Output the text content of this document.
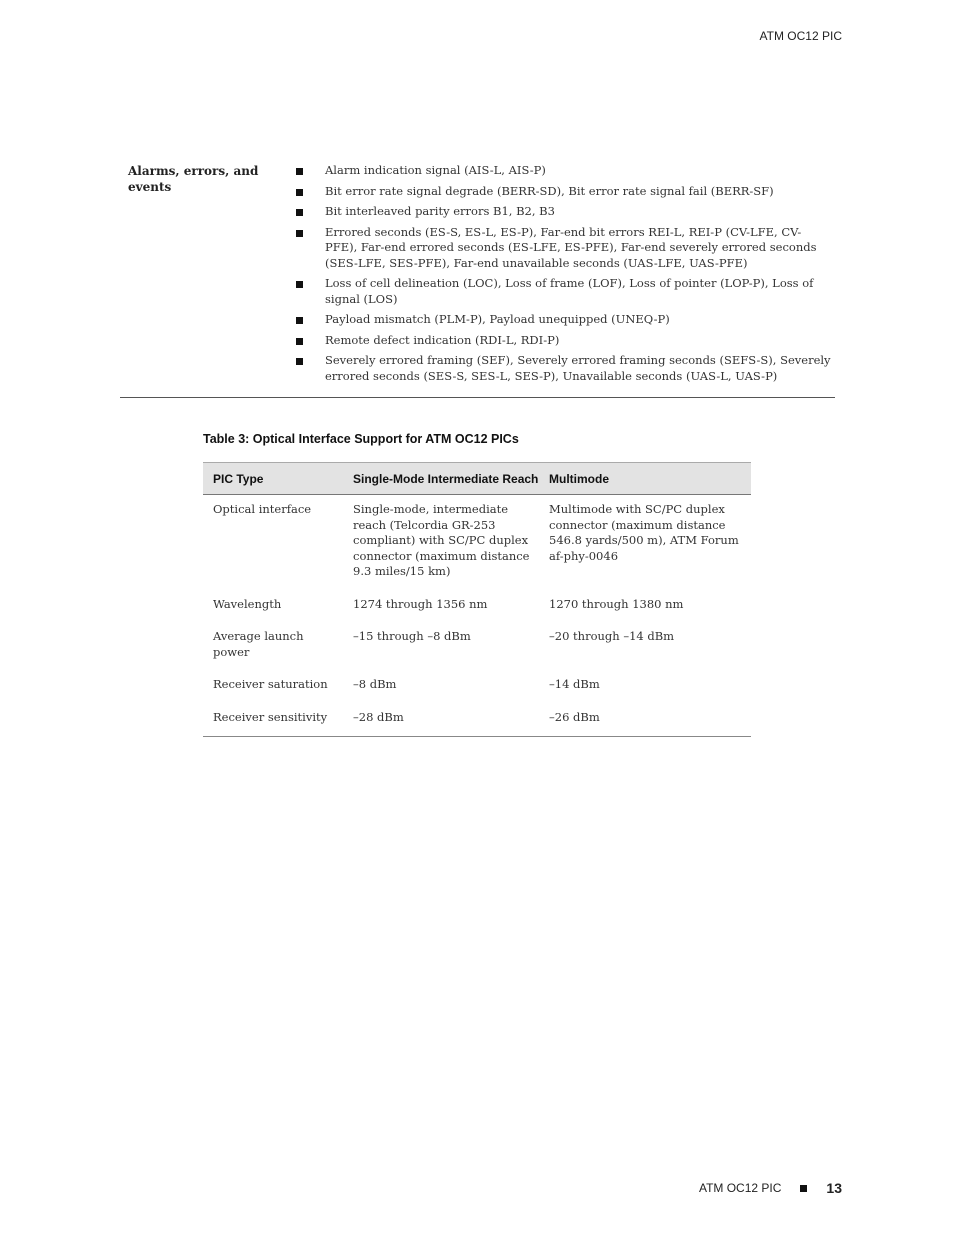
ATM OC12 PIC
Alarms, errors, and events
Alarm indication signal (AIS-L, AIS-P)
Bit error rate signal degrade (BERR-SD), Bit error rate signal fail (BERR-SF)
Bit interleaved parity errors B1, B2, B3
Errored seconds (ES-S, ES-L, ES-P), Far-end bit errors REI-L, REI-P (CV-LFE, CV-PFE), Far-end errored seconds (ES-LFE, ES-PFE), Far-end severely errored seconds (SES-LFE, SES-PFE), Far-end unavailable seconds (UAS-LFE, UAS-PFE)
Loss of cell delineation (LOC), Loss of frame (LOF), Loss of pointer (LOP-P), Loss of signal (LOS)
Payload mismatch (PLM-P), Payload unequipped (UNEQ-P)
Remote defect indication (RDI-L, RDI-P)
Severely errored framing (SEF), Severely errored framing seconds (SEFS-S), Severely errored seconds (SES-S, SES-L, SES-P), Unavailable seconds (UAS-L, UAS-P)
Table 3: Optical Interface Support for ATM OC12 PICs
PIC Type	Single-Mode Intermediate Reach	Multimode
Optical interface	Single-mode, intermediate reach (Telcordia GR-253 compliant) with SC/PC duplex connector (maximum distance 9.3 miles/15 km)	Multimode with SC/PC duplex connector (maximum distance 546.8 yards/500 m), ATM Forum af-phy-0046
Wavelength	1274 through 1356 nm	1270 through 1380 nm
Average launch power	–15 through –8 dBm	–20 through –14 dBm
Receiver saturation	–8 dBm	–14 dBm
Receiver sensitivity	–28 dBm	–26 dBm
ATM OC12 PIC	13
